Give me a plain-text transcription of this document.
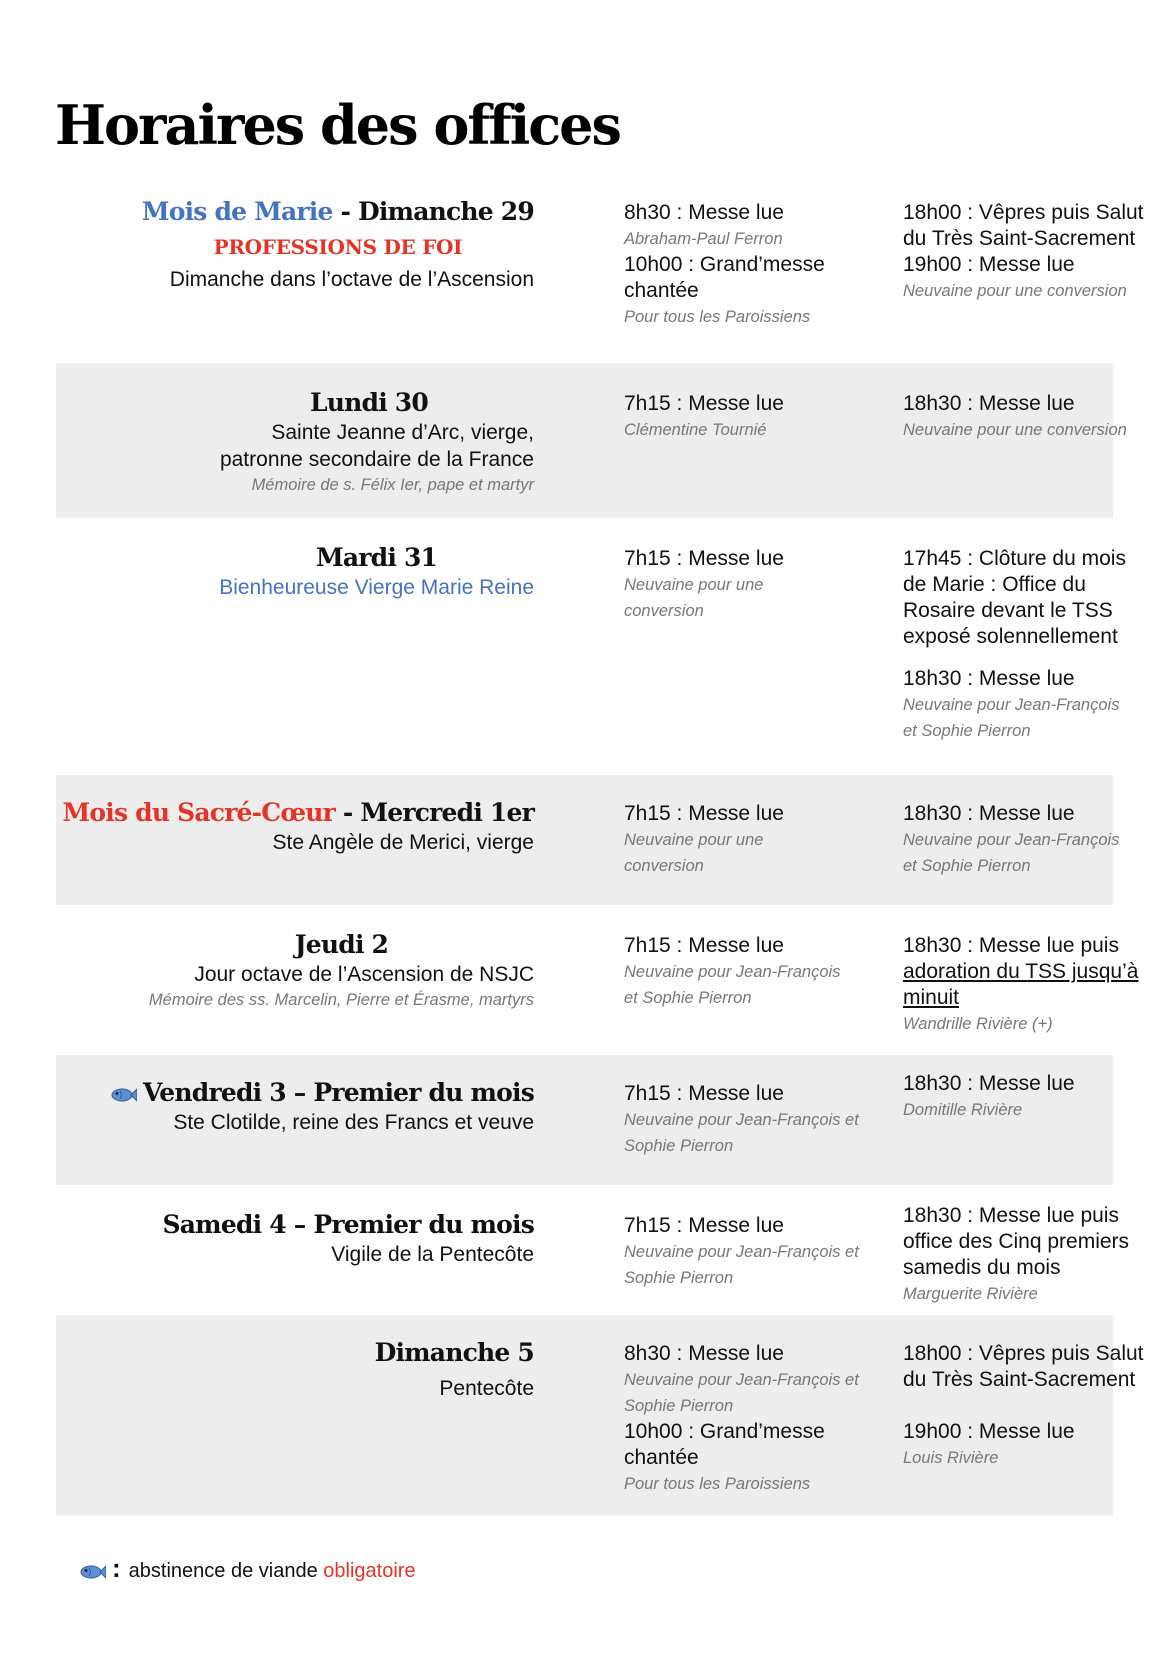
Horaires des offices
Mois de Marie - Dimanche 29
PROFESSIONS DE FOI
Dimanche dans l’octave de l’Ascension
8h30 : Messe lue
Abraham-Paul Ferron
10h00 : Grand’messe chantée
Pour tous les Paroissiens
18h00 : Vêpres puis Salut du Très Saint-Sacrement
19h00 : Messe lue
Neuvaine pour une conversion
Lundi 30
Sainte Jeanne d’Arc, vierge, patronne secondaire de la France
Mémoire de s. Félix Ier, pape et martyr
7h15 : Messe lue
Clémentine Tournié
18h30 : Messe lue
Neuvaine pour une conversion
Mardi 31
Bienheureuse Vierge Marie Reine
7h15 : Messe lue
Neuvaine pour une conversion
17h45 : Clôture du mois de Marie : Office du Rosaire devant le TSS exposé solennellement
18h30 : Messe lue
Neuvaine pour Jean-François et Sophie Pierron
Mois du Sacré-Cœur - Mercredi 1er
Ste Angèle de Merici, vierge
7h15 : Messe lue
Neuvaine pour une conversion
18h30 : Messe lue
Neuvaine pour Jean-François et Sophie Pierron
Jeudi 2
Jour octave de l’Ascension de NSJC
Mémoire des ss. Marcelin, Pierre et Érasme, martyrs
7h15 : Messe lue
Neuvaine pour Jean-François et Sophie Pierron
18h30 : Messe lue puis
adoration du TSS jusqu’à minuit
Wandrille Rivière (+)
Vendredi 3 – Premier du mois
Ste Clotilde, reine des Francs et veuve
7h15 : Messe lue
Neuvaine pour Jean-François et Sophie Pierron
18h30 : Messe lue
Domitille Rivière
Samedi 4 – Premier du mois
Vigile de la Pentecôte
7h15 : Messe lue
Neuvaine pour Jean-François et Sophie Pierron
18h30 : Messe lue puis office des Cinq premiers samedis du mois
Marguerite Rivière
Dimanche 5
Pentecôte
8h30 : Messe lue
Neuvaine pour Jean-François et Sophie Pierron
10h00 : Grand’messe chantée
Pour tous les Paroissiens
18h00 : Vêpres puis Salut du Très Saint-Sacrement
19h00 : Messe lue
Louis Rivière
: abstinence de viande obligatoire
